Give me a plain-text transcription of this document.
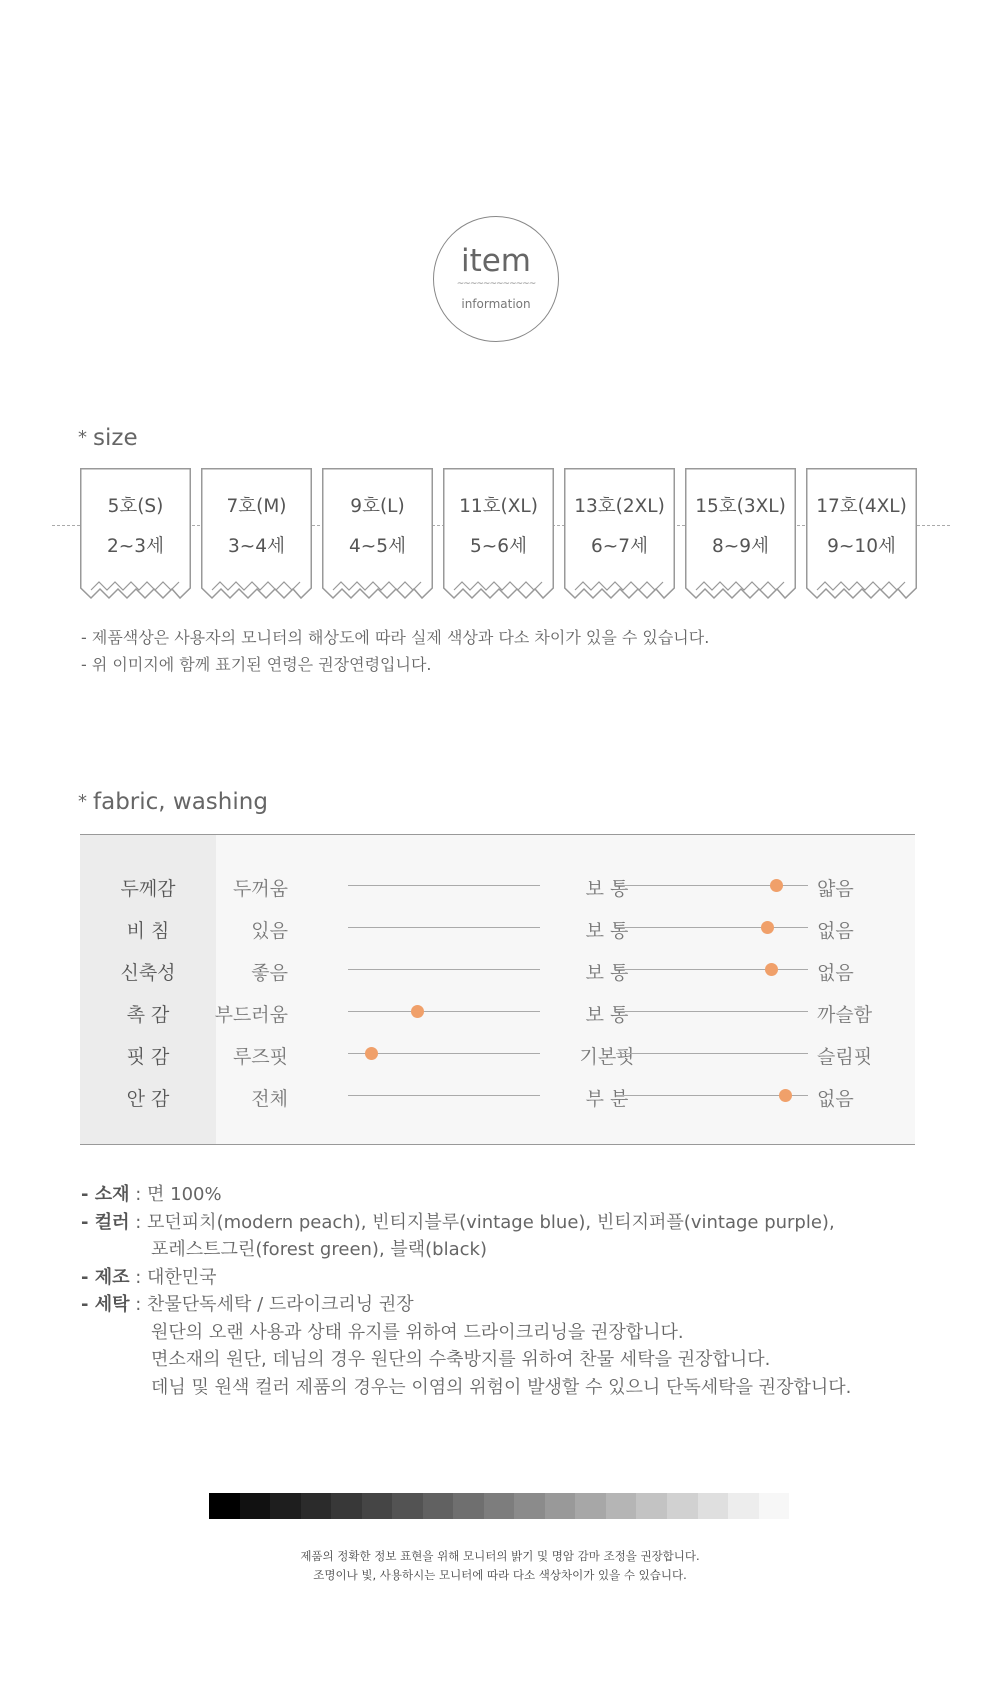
item
~~~~~~~~~~~~
information
* size
5호(S)
2~3세
7호(M)
3~4세
9호(L)
4~5세
11호(XL)
5~6세
13호(2XL)
6~7세
15호(3XL)
8~9세
17호(4XL)
9~10세
- 제품색상은 사용자의 모니터의 해상도에 따라 실제 색상과 다소 차이가 있을 수 있습니다.
- 위 이미지에 함께 표기된 연령은 권장연령입니다.
* fabric, washing
두께감	두꺼움	보 통	얇음
비 침	있음	보 통	없음
신축성	좋음	보 통	없음
촉 감	부드러움	보 통	까슬함
핏 감	루즈핏	기본핏	슬림핏
안 감	전체	부 분	없음
- 소재 : 면 100%
- 컬러 : 모던피치(modern peach), 빈티지블루(vintage blue), 빈티지퍼플(vintage purple),
포레스트그린(forest green), 블랙(black)
- 제조 : 대한민국
- 세탁 : 찬물단독세탁 / 드라이크리닝 권장
원단의 오랜 사용과 상태 유지를 위하여 드라이크리닝을 권장합니다.
면소재의 원단, 데님의 경우 원단의 수축방지를 위하여 찬물 세탁을 권장합니다.
데님 및 원색 컬러 제품의 경우는 이염의 위험이 발생할 수 있으니 단독세탁을 권장합니다.
제품의 정확한 정보 표현을 위해 모니터의 밝기 및 명암 감마 조정을 권장합니다.
조명이나 빛, 사용하시는 모니터에 따라 다소 색상차이가 있을 수 있습니다.
